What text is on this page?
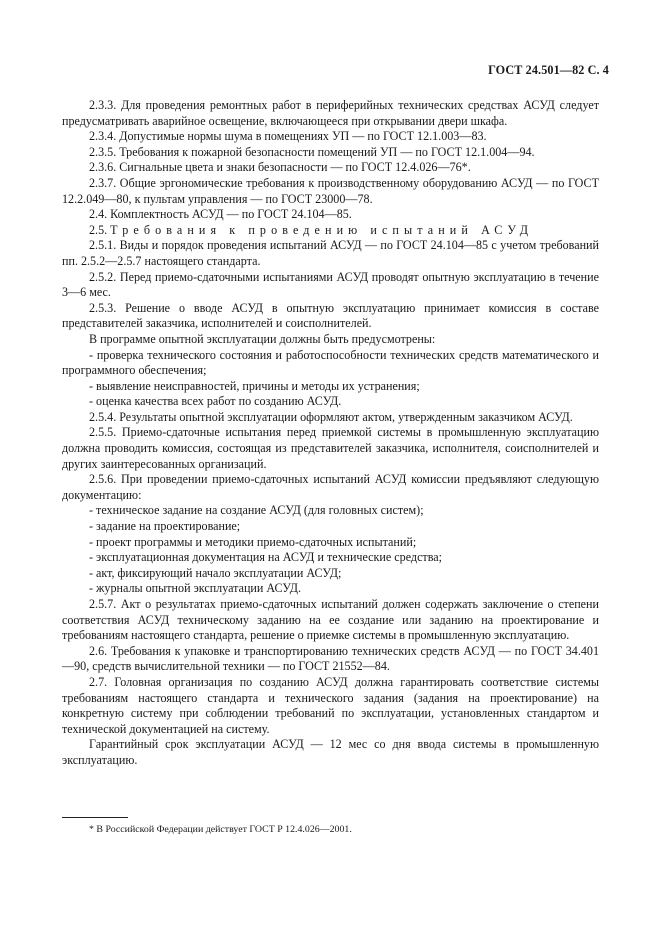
ГОСТ 24.501—82 С. 4

2.3.3. Для проведения ремонтных работ в периферийных технических средствах АСУД следует предусматривать аварийное освещение, включающееся при открывании двери шкафа.

2.3.4. Допустимые нормы шума в помещениях УП — по ГОСТ 12.1.003—83.

2.3.5. Требования к пожарной безопасности помещений УП — по ГОСТ 12.1.004—94.

2.3.6. Сигнальные цвета и знаки безопасности — по ГОСТ 12.4.026—76*.

2.3.7. Общие эргономические требования к производственному оборудованию АСУД — по ГОСТ 12.2.049—80, к пультам управления — по ГОСТ 23000—78.

2.4. Комплектность АСУД — по ГОСТ 24.104—85.

2.5. Требования к проведению испытаний АСУД

2.5.1. Виды и порядок проведения испытаний АСУД — по ГОСТ 24.104—85 с учетом требований пп. 2.5.2—2.5.7 настоящего стандарта.

2.5.2. Перед приемо-сдаточными испытаниями АСУД проводят опытную эксплуатацию в течение 3—6 мес.

2.5.3. Решение о вводе АСУД в опытную эксплуатацию принимает комиссия в составе представителей заказчика, исполнителей и соисполнителей.

В программе опытной эксплуатации должны быть предусмотрены:

- проверка технического состояния и работоспособности технических средств математического и программного обеспечения;

- выявление неисправностей, причины и методы их устранения;

- оценка качества всех работ по созданию АСУД.

2.5.4. Результаты опытной эксплуатации оформляют актом, утвержденным заказчиком АСУД.

2.5.5. Приемо-сдаточные испытания перед приемкой системы в промышленную эксплуатацию должна проводить комиссия, состоящая из представителей заказчика, исполнителя, соисполнителей и других заинтересованных организаций.

2.5.6. При проведении приемо-сдаточных испытаний АСУД комиссии предъявляют следующую документацию:

- техническое задание на создание АСУД (для головных систем);

- задание на проектирование;

- проект программы и методики приемо-сдаточных испытаний;

- эксплуатационная документация на АСУД и технические средства;

- акт, фиксирующий начало эксплуатации АСУД;

- журналы опытной эксплуатации АСУД.

2.5.7. Акт о результатах приемо-сдаточных испытаний должен содержать заключение о степени соответствия АСУД техническому заданию на ее создание или заданию на проектирование и требованиям настоящего стандарта, решение о приемке системы в промышленную эксплуатацию.

2.6. Требования к упаковке и транспортированию технических средств АСУД — по ГОСТ 34.401—90, средств вычислительной техники — по ГОСТ 21552—84.

2.7. Головная организация по созданию АСУД должна гарантировать соответствие системы требованиям настоящего стандарта и технического задания (задания на проектирование) на конкретную систему при соблюдении требований по эксплуатации, установленных стандартом и технической документацией на систему.

Гарантийный срок эксплуатации АСУД — 12 мес со дня ввода системы в промышленную эксплуатацию.

* В Российской Федерации действует ГОСТ Р 12.4.026—2001.
